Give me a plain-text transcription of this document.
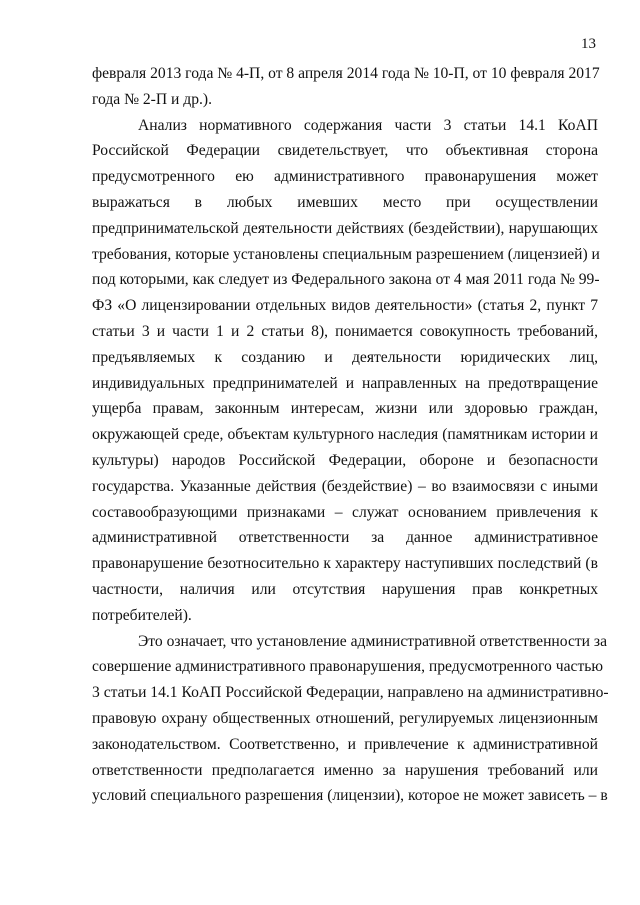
13
февраля 2013 года № 4-П, от 8 апреля 2014 года № 10-П, от 10 февраля 2017
года № 2-П и др.).
Анализ нормативного содержания части 3 статьи 14.1 КоАП
Российской Федерации свидетельствует, что объективная сторона
предусмотренного ею административного правонарушения может
выражаться в любых имевших место при осуществлении
предпринимательской деятельности действиях (бездействии), нарушающих
требования, которые установлены специальным разрешением (лицензией) и
под которыми, как следует из Федерального закона от 4 мая 2011 года № 99-
ФЗ «О лицензировании отдельных видов деятельности» (статья 2, пункт 7
статьи 3 и части 1 и 2 статьи 8), понимается совокупность требований,
предъявляемых к созданию и деятельности юридических лиц,
индивидуальных предпринимателей и направленных на предотвращение
ущерба правам, законным интересам, жизни или здоровью граждан,
окружающей среде, объектам культурного наследия (памятникам истории и
культуры) народов Российской Федерации, обороне и безопасности
государства. Указанные действия (бездействие) – во взаимосвязи с иными
составообразующими признаками – служат основанием привлечения к
административной ответственности за данное административное
правонарушение безотносительно к характеру наступивших последствий (в
частности, наличия или отсутствия нарушения прав конкретных
потребителей).
Это означает, что установление административной ответственности за
совершение административного правонарушения, предусмотренного частью
3 статьи 14.1 КоАП Российской Федерации, направлено на административно-
правовую охрану общественных отношений, регулируемых лицензионным
законодательством. Соответственно, и привлечение к административной
ответственности предполагается именно за нарушения требований или
условий специального разрешения (лицензии), которое не может зависеть – в
